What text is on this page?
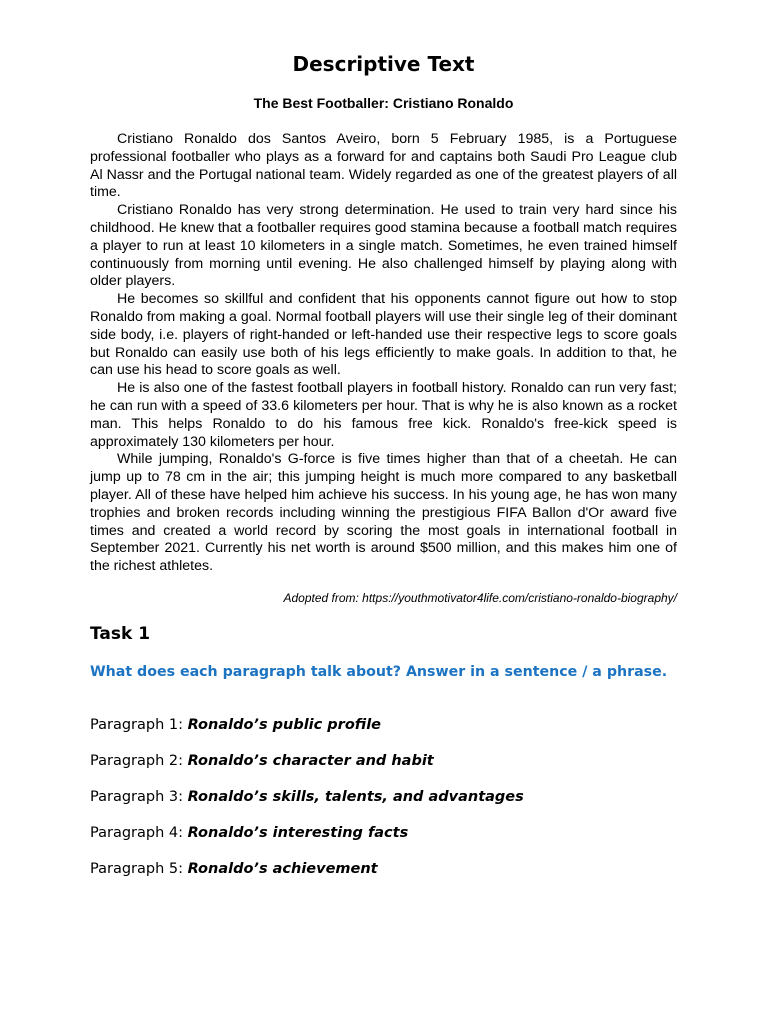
Descriptive Text
The Best Footballer: Cristiano Ronaldo

Cristiano Ronaldo dos Santos Aveiro, born 5 February 1985, is a Portuguese professional footballer who plays as a forward for and captains both Saudi Pro League club Al Nassr and the Portugal national team. Widely regarded as one of the greatest players of all time.

Cristiano Ronaldo has very strong determination. He used to train very hard since his childhood. He knew that a footballer requires good stamina because a football match requires a player to run at least 10 kilometers in a single match. Sometimes, he even trained himself continuously from morning until evening. He also challenged himself by playing along with older players.

He becomes so skillful and confident that his opponents cannot figure out how to stop Ronaldo from making a goal. Normal football players will use their single leg of their dominant side body, i.e. players of right-handed or left-handed use their respective legs to score goals but Ronaldo can easily use both of his legs efficiently to make goals. In addition to that, he can use his head to score goals as well.

He is also one of the fastest football players in football history. Ronaldo can run very fast; he can run with a speed of 33.6 kilometers per hour. That is why he is also known as a rocket man. This helps Ronaldo to do his famous free kick. Ronaldo's free-kick speed is approximately 130 kilometers per hour.

While jumping, Ronaldo's G-force is five times higher than that of a cheetah. He can jump up to 78 cm in the air; this jumping height is much more compared to any basketball player. All of these have helped him achieve his success. In his young age, he has won many trophies and broken records including winning the prestigious FIFA Ballon d'Or award five times and created a world record by scoring the most goals in international football in September 2021. Currently his net worth is around $500 million, and this makes him one of the richest athletes.

Adopted from: https://youthmotivator4life.com/cristiano-ronaldo-biography/

Task 1

What does each paragraph talk about? Answer in a sentence / a phrase.

Paragraph 1: Ronaldo’s public profile

Paragraph 2: Ronaldo’s character and habit

Paragraph 3: Ronaldo’s skills, talents, and advantages

Paragraph 4: Ronaldo’s interesting facts

Paragraph 5: Ronaldo’s achievement
